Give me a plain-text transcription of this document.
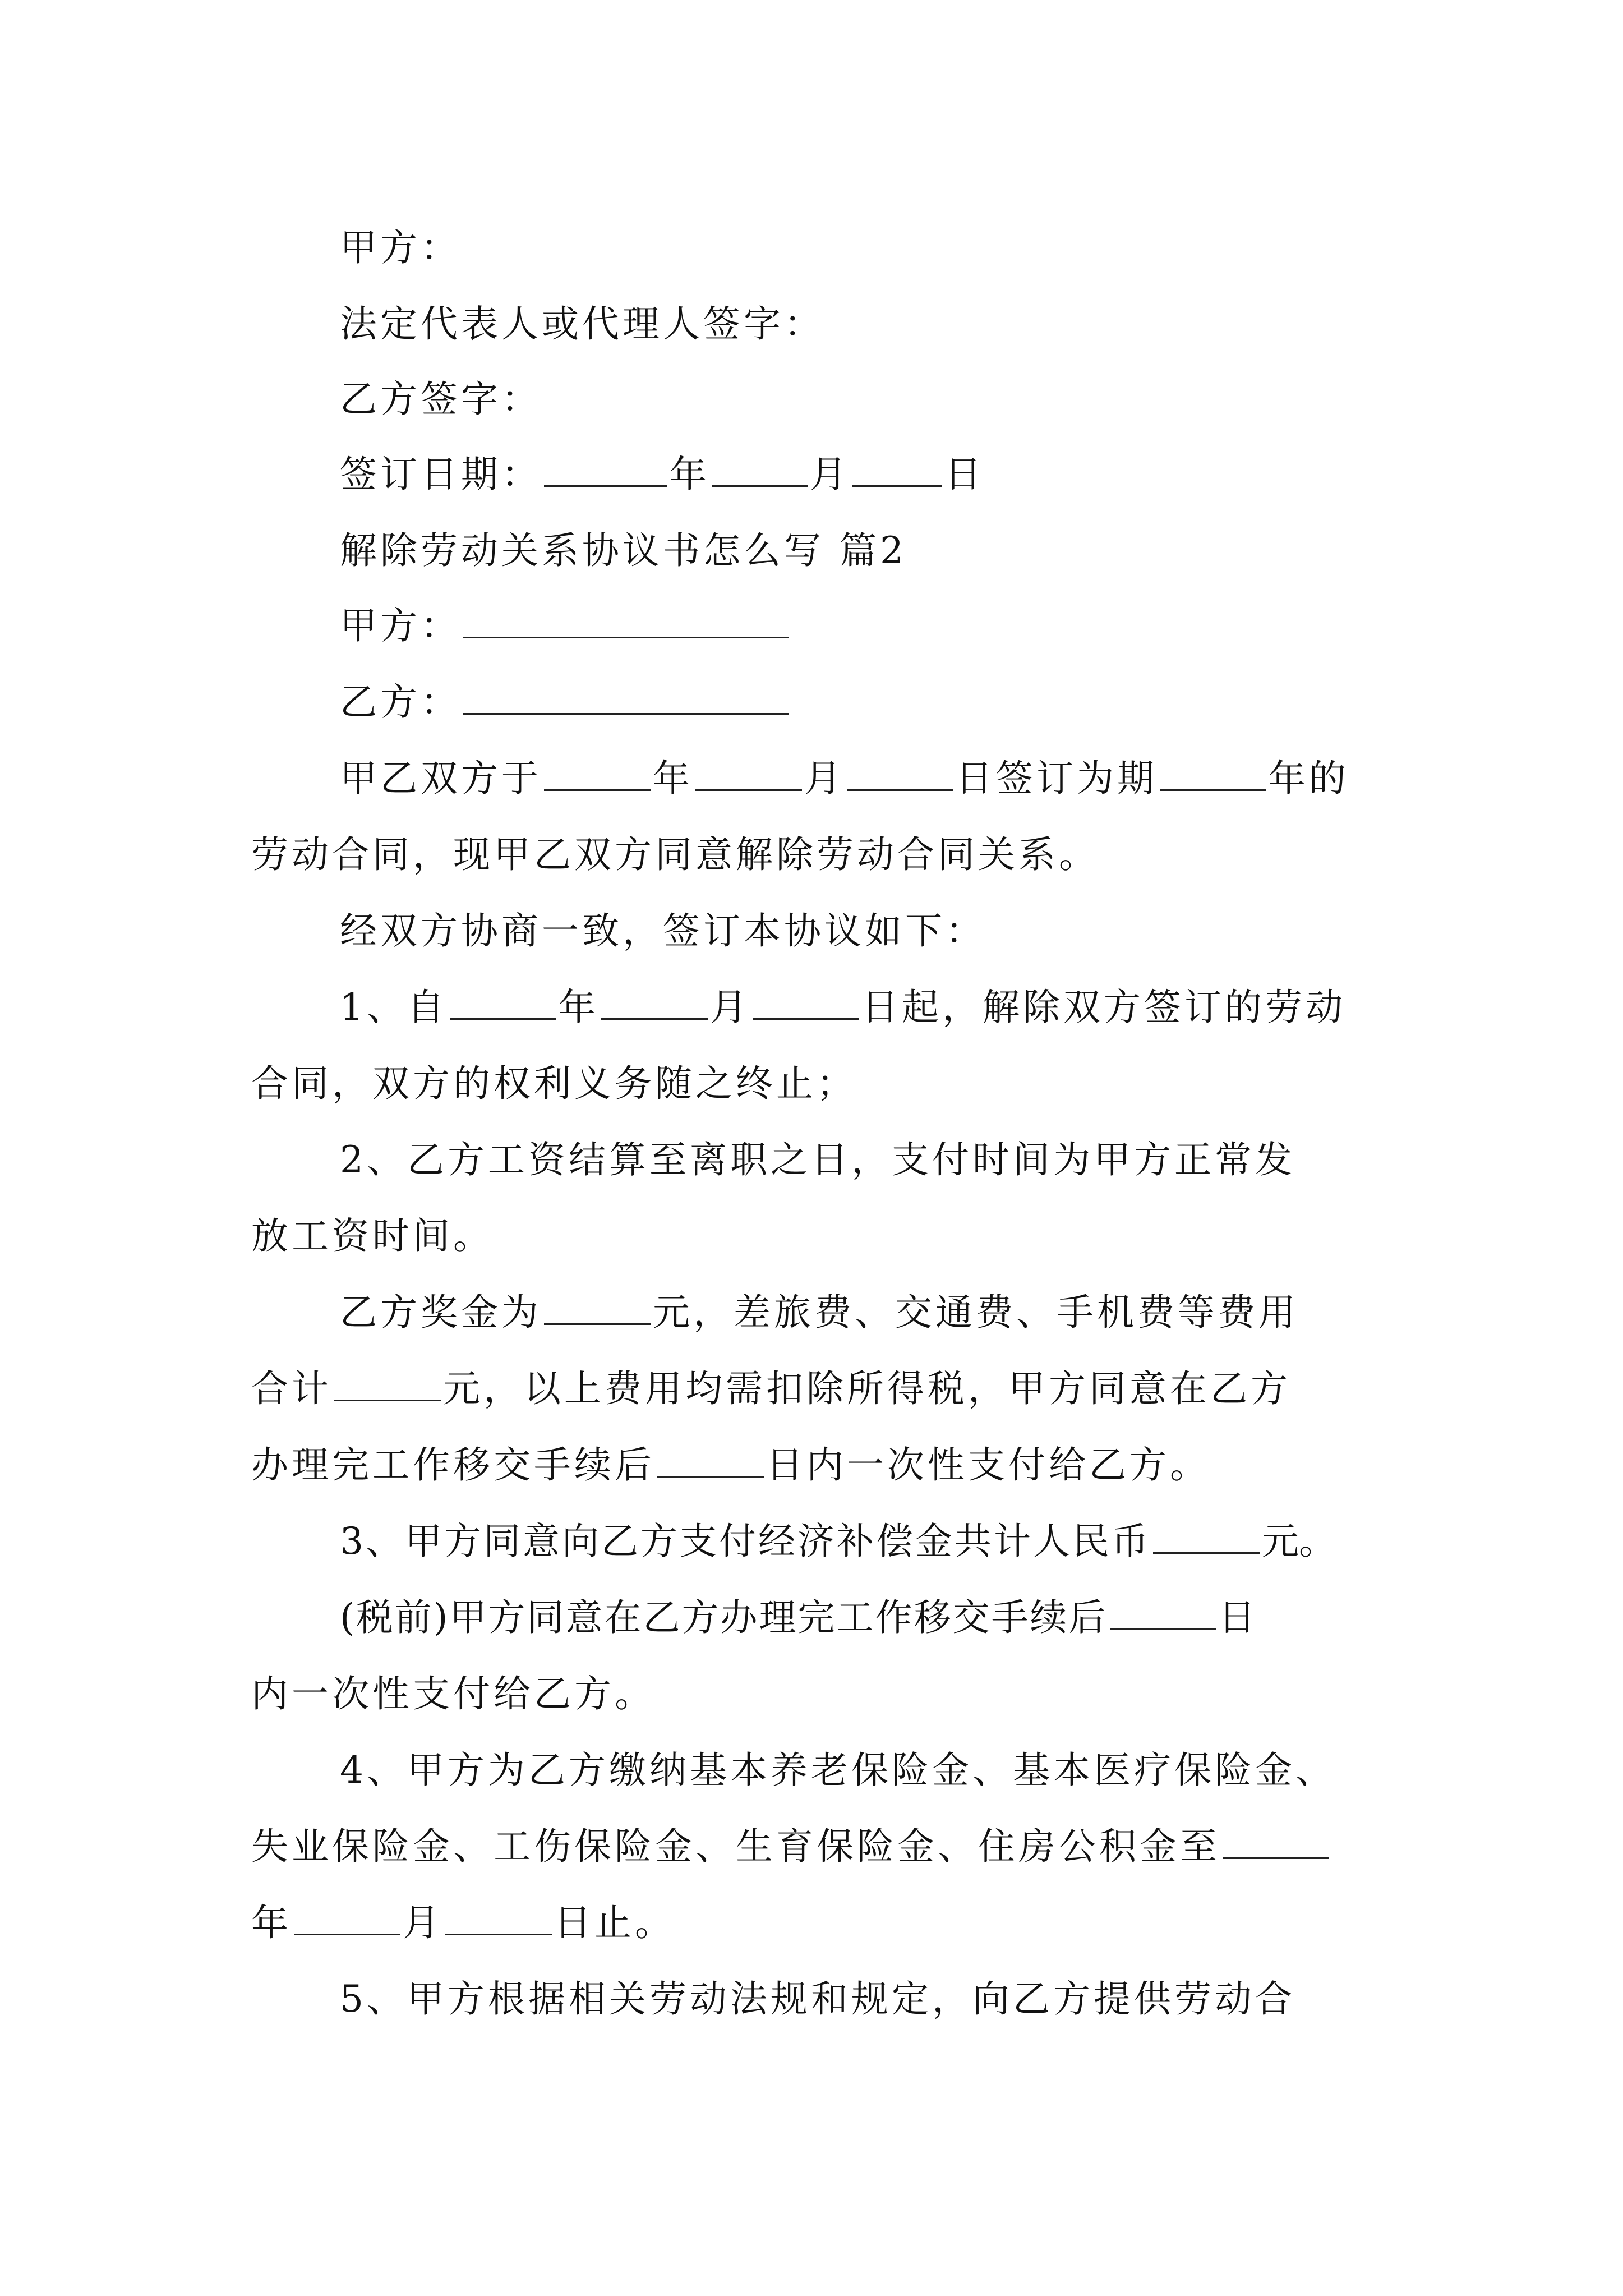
甲方：
法定代表人或代理人签字：
乙方签字：
签订日期：	年	月	日
解除劳动关系协议书怎么写 篇2
甲方：
乙方：
甲乙双方于	年	月	日签订为期	年的
劳动合同，现甲乙双方同意解除劳动合同关系。
经双方协商一致，签订本协议如下：
1、自	年	月	日起，解除双方签订的劳动
合同，双方的权利义务随之终止；
2、乙方工资结算至离职之日，支付时间为甲方正常发
放工资时间。
乙方奖金为	元，差旅费、交通费、手机费等费用
合计	元，以上费用均需扣除所得税，甲方同意在乙方
办理完工作移交手续后	日内一次性支付给乙方。
3、甲方同意向乙方支付经济补偿金共计人民币	元。
(税前)甲方同意在乙方办理完工作移交手续后	日
内一次性支付给乙方。
4、甲方为乙方缴纳基本养老保险金、基本医疗保险金、
失业保险金、工伤保险金、生育保险金、住房公积金至
年	月	日止。
5、甲方根据相关劳动法规和规定，向乙方提供劳动合
